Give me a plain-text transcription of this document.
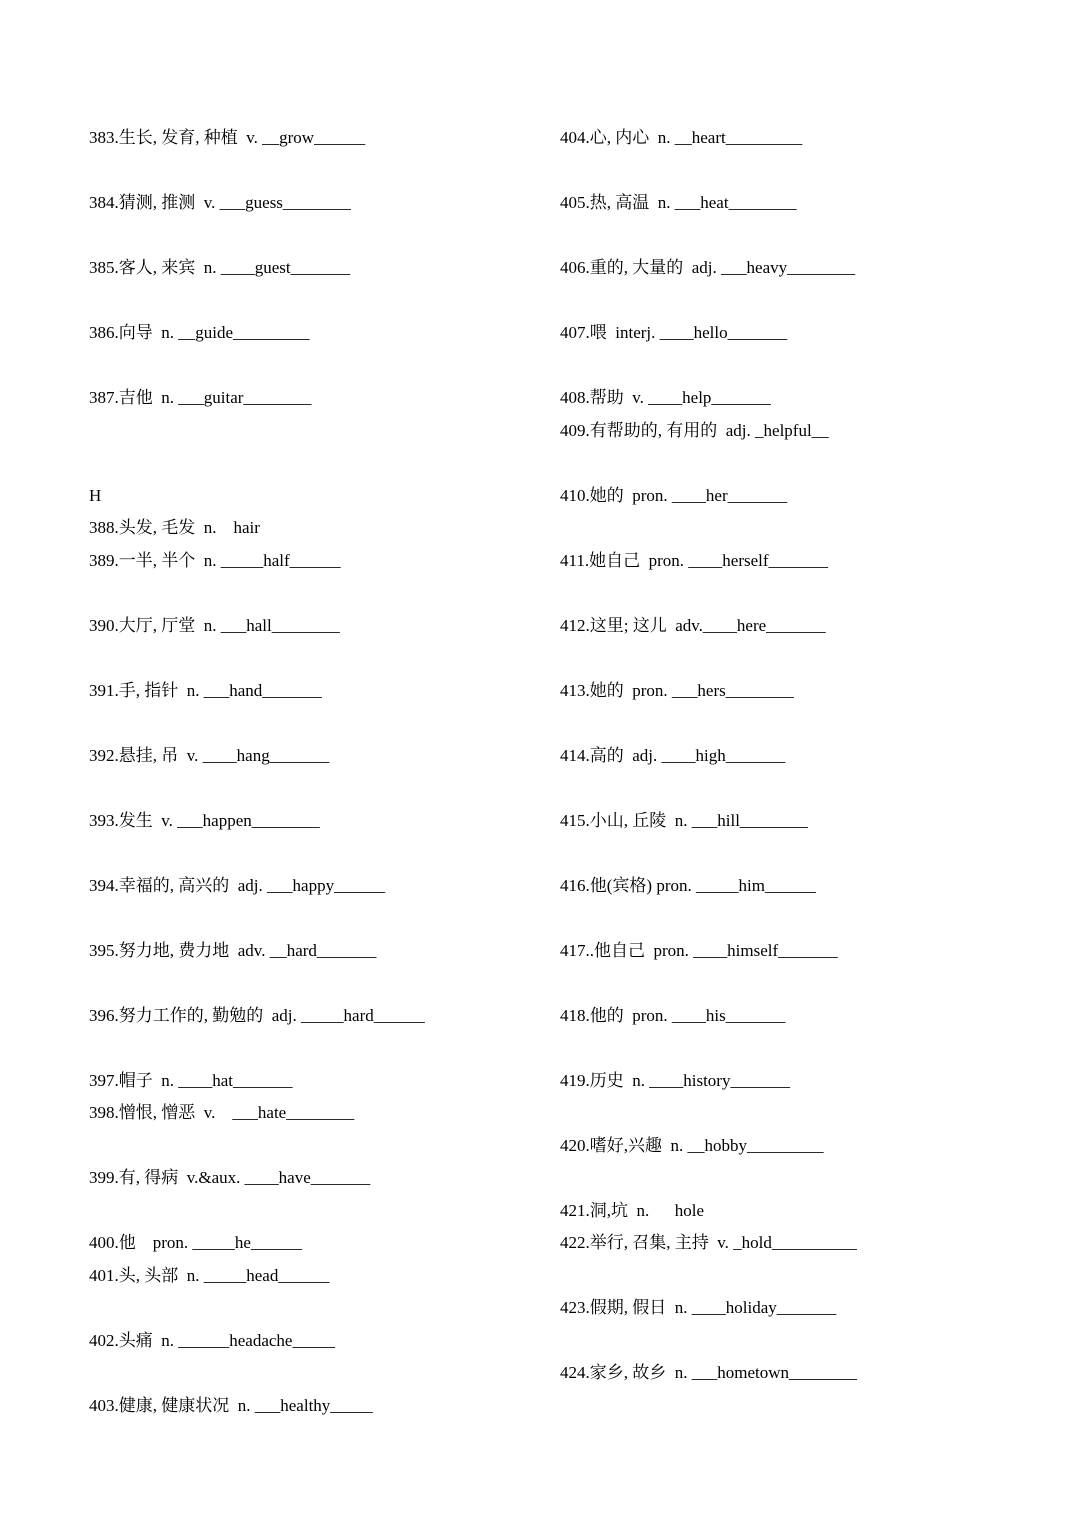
383.生长, 发育, 种植  v. __grow______
384.猜测, 推测  v. ___guess________
385.客人, 来宾  n. ____guest_______
386.向导  n. __guide_________
387.吉他  n. ___guitar________
H
388.头发, 毛发  n.    hair
389.一半, 半个  n. _____half______
390.大厅, 厅堂  n. ___hall________
391.手, 指针  n. ___hand_______
392.悬挂, 吊  v. ____hang_______
393.发生  v. ___happen________
394.幸福的, 高兴的  adj. ___happy______
395.努力地, 费力地  adv. __hard_______
396.努力工作的, 勤勉的  adj. _____hard______
397.帽子  n. ____hat_______
398.憎恨, 憎恶  v.    ___hate________
399.有, 得病  v.&aux. ____have_______
400.他    pron. _____he______
401.头, 头部  n. _____head______
402.头痛  n. ______headache_____
403.健康, 健康状况  n. ___healthy_____
404.心, 内心  n. __heart_________
405.热, 高温  n. ___heat________
406.重的, 大量的  adj. ___heavy________
407.喂  interj. ____hello_______
408.帮助  v. ____help_______
409.有帮助的, 有用的  adj. _helpful__
410.她的  pron. ____her_______
411.她自己  pron. ____herself_______
412.这里; 这儿  adv.____here_______
413.她的  pron. ___hers________
414.高的  adj. ____high_______
415.小山, 丘陵  n. ___hill________
416.他(宾格) pron. _____him______
417..他自己  pron. ____himself_______
418.他的  pron. ____his_______
419.历史  n. ____history_______
420.嗜好,兴趣  n. __hobby_________
421.洞,坑  n.      hole
422.举行, 召集, 主持  v. _hold__________
423.假期, 假日  n. ____holiday_______
424.家乡, 故乡  n. ___hometown________
